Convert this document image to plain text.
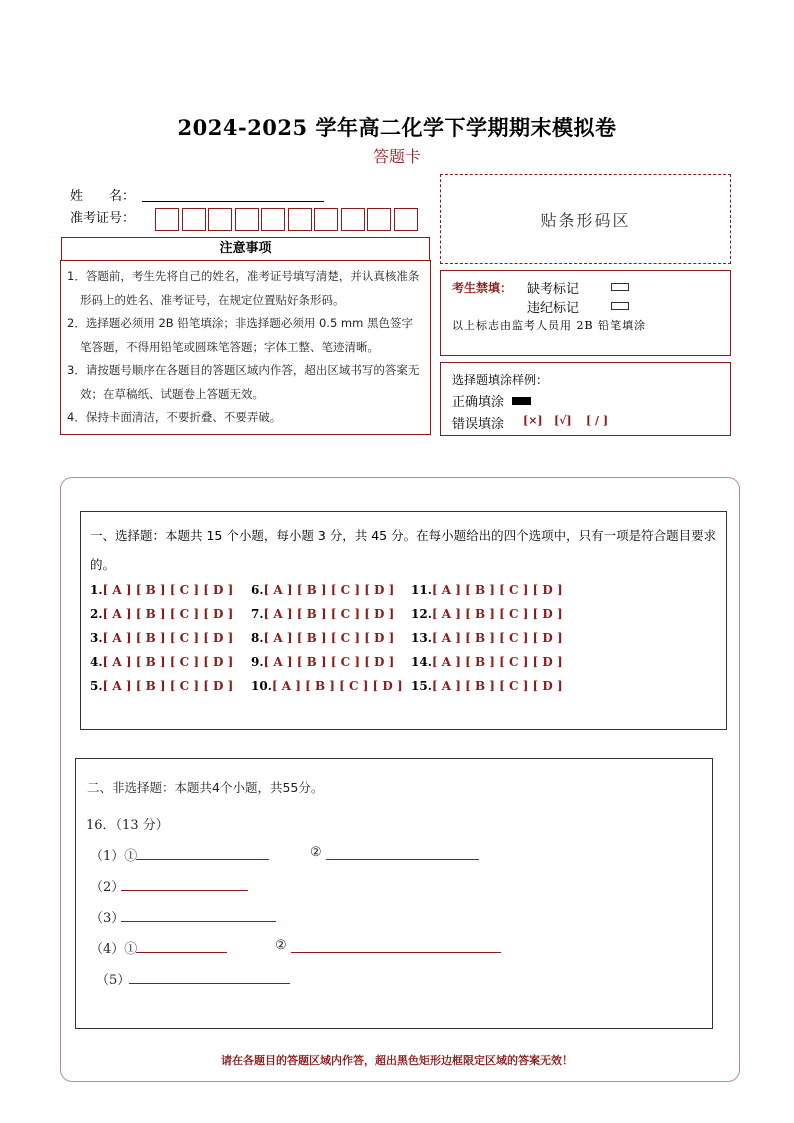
2024-2025 学年高二化学下学期期末模拟卷
答题卡
姓　　名：
准考证号：	贴条形码区
注意事项

1．答题前，考生先将自己的姓名，准考证号填写清楚，并认真核准条形码上的姓名、准考证号，在规定位置贴好条形码。

2．选择题必须用 2B 铅笔填涂；非选择题必须用 0.5 mm 黑色签字笔答题，不得用铅笔或圆珠笔答题；字体工整、笔迹清晰。

3．请按题号顺序在各题目的答题区域内作答，超出区域书写的答案无效；在草稿纸、试题卷上答题无效。

4．保持卡面清洁，不要折叠、不要弄破。

考生禁填： 缺考标记
违纪标记
以上标志由监考人员用 2B 铅笔填涂
选择题填涂样例：
正确填涂
错误填涂 [×] [√] [ / ]
一、选择题：本题共 15 个小题，每小题 3 分，共 45 分。在每小题给出的四个选项中，只有一项是符合题目要求的。
1.[ A ] [ B ] [ C ] [ D ]
2.[ A ] [ B ] [ C ] [ D ]
3.[ A ] [ B ] [ C ] [ D ]
4.[ A ] [ B ] [ C ] [ D ]
5.[ A ] [ B ] [ C ] [ D ]
6.[ A ] [ B ] [ C ] [ D ]
7.[ A ] [ B ] [ C ] [ D ]
8.[ A ] [ B ] [ C ] [ D ]
9.[ A ] [ B ] [ C ] [ D ]
10.[ A ] [ B ] [ C ] [ D ]
11.[ A ] [ B ] [ C ] [ D ]
12.[ A ] [ B ] [ C ] [ D ]
13.[ A ] [ B ] [ C ] [ D ]
14.[ A ] [ B ] [ C ] [ D ]
15.[ A ] [ B ] [ C ] [ D ]
二、非选择题：本题共4个小题，共55分。
16．（13 分）
（1）①	②
（2）
（3）
（4）①	②
（5）
请在各题目的答题区域内作答，超出黑色矩形边框限定区域的答案无效！
